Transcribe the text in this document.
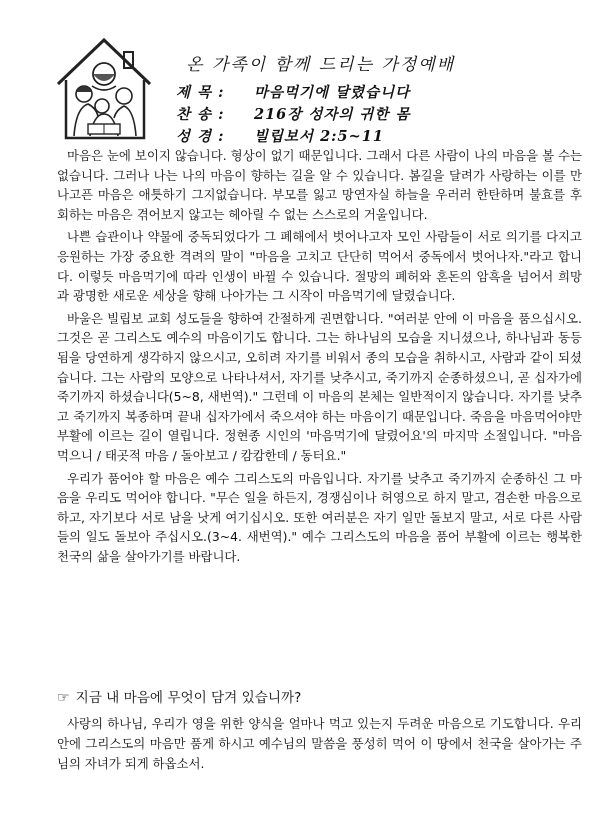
온 가족이 함께 드리는 가정예배
제 목 : 마음먹기에 달렸습니다
찬 송 : 216장 성자의 귀한 몸
성 경 : 빌립보서 2:5~11

마음은 눈에 보이지 않습니다. 형상이 없기 때문입니다. 그래서 다른 사람이 나의 마음을 볼 수는 없습니다. 그러나 나는 나의 마음이 향하는 길을 알 수 있습니다. 봄길을 달려가 사랑하는 이를 만나고픈 마음은 애틋하기 그지없습니다. 부모를 잃고 망연자실 하늘을 우러러 한탄하며 불효를 후회하는 마음은 겪어보지 않고는 헤아릴 수 없는 스스로의 거울입니다.

나쁜 습관이나 약물에 중독되었다가 그 폐해에서 벗어나고자 모인 사람들이 서로 의기를 다지고 응원하는 가장 중요한 격려의 말이 "마음을 고치고 단단히 먹어서 중독에서 벗어나자."라고 합니다. 이렇듯 마음먹기에 따라 인생이 바뀔 수 있습니다. 절망의 폐허와 혼돈의 암흑을 넘어서 희망과 광명한 새로운 세상을 향해 나아가는 그 시작이 마음먹기에 달렸습니다.

바울은 빌립보 교회 성도들을 향하여 간절하게 권면합니다. "여러분 안에 이 마음을 품으십시오. 그것은 곧 그리스도 예수의 마음이기도 합니다. 그는 하나님의 모습을 지니셨으나, 하나님과 동등 됨을 당연하게 생각하지 않으시고, 오히려 자기를 비워서 종의 모습을 취하시고, 사람과 같이 되셨습니다. 그는 사람의 모양으로 나타나셔서, 자기를 낮추시고, 죽기까지 순종하셨으니, 곧 십자가에 죽기까지 하셨습니다(5~8, 새번역)." 그런데 이 마음의 본체는 일반적이지 않습니다. 자기를 낮추고 죽기까지 복종하며 끝내 십자가에서 죽으셔야 하는 마음이기 때문입니다. 죽음을 마음먹어야만 부활에 이르는 길이 열립니다. 정현종 시인의 '마음먹기에 달렸어요'의 마지막 소절입니다. "마음먹으니 / 태곳적 마음 / 돌아보고 / 캄캄한데 / 동터요."

우리가 품어야 할 마음은 예수 그리스도의 마음입니다. 자기를 낮추고 죽기까지 순종하신 그 마음을 우리도 먹어야 합니다. "무슨 일을 하든지, 경쟁심이나 허영으로 하지 말고, 겸손한 마음으로 하고, 자기보다 서로 남을 낫게 여기십시오. 또한 여러분은 자기 일만 돌보지 말고, 서로 다른 사람들의 일도 돌보아 주십시오.(3~4. 새번역)." 예수 그리스도의 마음을 품어 부활에 이르는 행복한 천국의 삶을 살아가기를 바랍니다.

☞ 지금 내 마음에 무엇이 담겨 있습니까?

사랑의 하나님, 우리가 영을 위한 양식을 얼마나 먹고 있는지 두려운 마음으로 기도합니다. 우리 안에 그리스도의 마음만 품게 하시고 예수님의 말씀을 풍성히 먹어 이 땅에서 천국을 살아가는 주님의 자녀가 되게 하옵소서.
